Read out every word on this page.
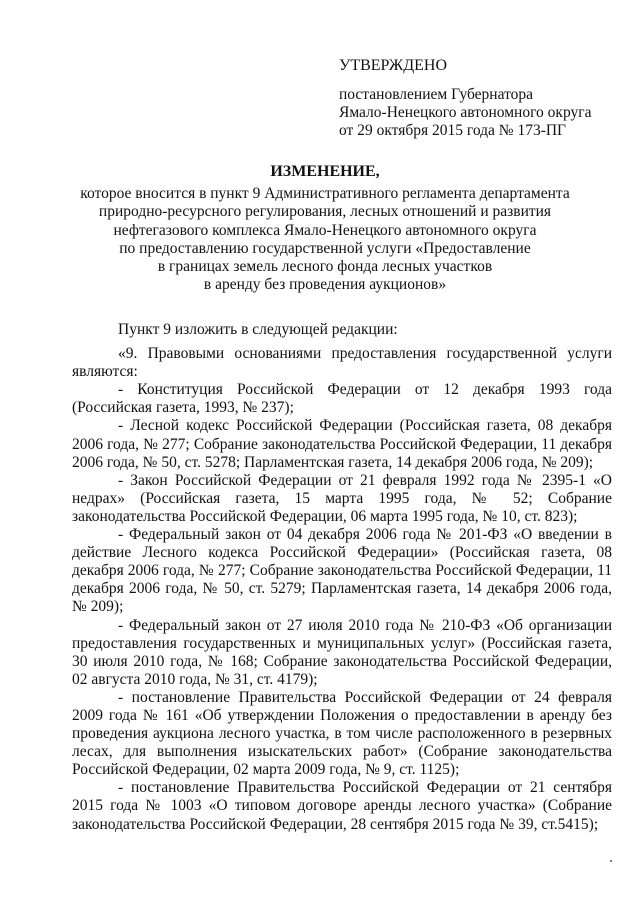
УТВЕРЖДЕНО
постановлением Губернатора
Ямало-Ненецкого автономного округа
от 29 октября 2015 года № 173-ПГ
ИЗМЕНЕНИЕ,
которое вносится в пункт 9 Административного регламента департамента
природно-ресурсного регулирования, лесных отношений и развития
нефтегазового комплекса Ямало-Ненецкого автономного округа
по предоставлению государственной услуги «Предоставление
в границах земель лесного фонда лесных участков
в аренду без проведения аукционов»

Пункт 9 изложить в следующей редакции:

«9. Правовыми основаниями предоставления государственной услуги являются:

- Конституция Российской Федерации от 12 декабря 1993 года (Российская газета, 1993, № 237);

- Лесной кодекс Российской Федерации (Российская газета, 08 декабря 2006 года, № 277; Собрание законодательства Российской Федерации, 11 декабря 2006 года, № 50, ст. 5278; Парламентская газета, 14 декабря 2006 года, № 209);

- Закон Российской Федерации от 21 февраля 1992 года № 2395-1 «О недрах» (Российская газета, 15 марта 1995 года, № 52; Собрание законодательства Российской Федерации, 06 марта 1995 года, № 10, ст. 823);

- Федеральный закон от 04 декабря 2006 года № 201-ФЗ «О введении в действие Лесного кодекса Российской Федерации» (Российская газета, 08 декабря 2006 года, № 277; Собрание законодательства Российской Федерации, 11 декабря 2006 года, № 50, ст. 5279; Парламентская газета, 14 декабря 2006 года, № 209);

- Федеральный закон от 27 июля 2010 года № 210-ФЗ «Об организации предоставления государственных и муниципальных услуг» (Российская газета, 30 июля 2010 года, № 168; Собрание законодательства Российской Федерации, 02 августа 2010 года, № 31, ст. 4179);

- постановление Правительства Российской Федерации от 24 февраля 2009 года № 161 «Об утверждении Положения о предоставлении в аренду без проведения аукциона лесного участка, в том числе расположенного в резервных лесах, для выполнения изыскательских работ» (Собрание законодательства Российской Федерации, 02 марта 2009 года, № 9, ст. 1125);

- постановление Правительства Российской Федерации от 21 сентября 2015 года № 1003 «О типовом договоре аренды лесного участка» (Собрание законодательства Российской Федерации, 28 сентября 2015 года № 39, ст.5415);
